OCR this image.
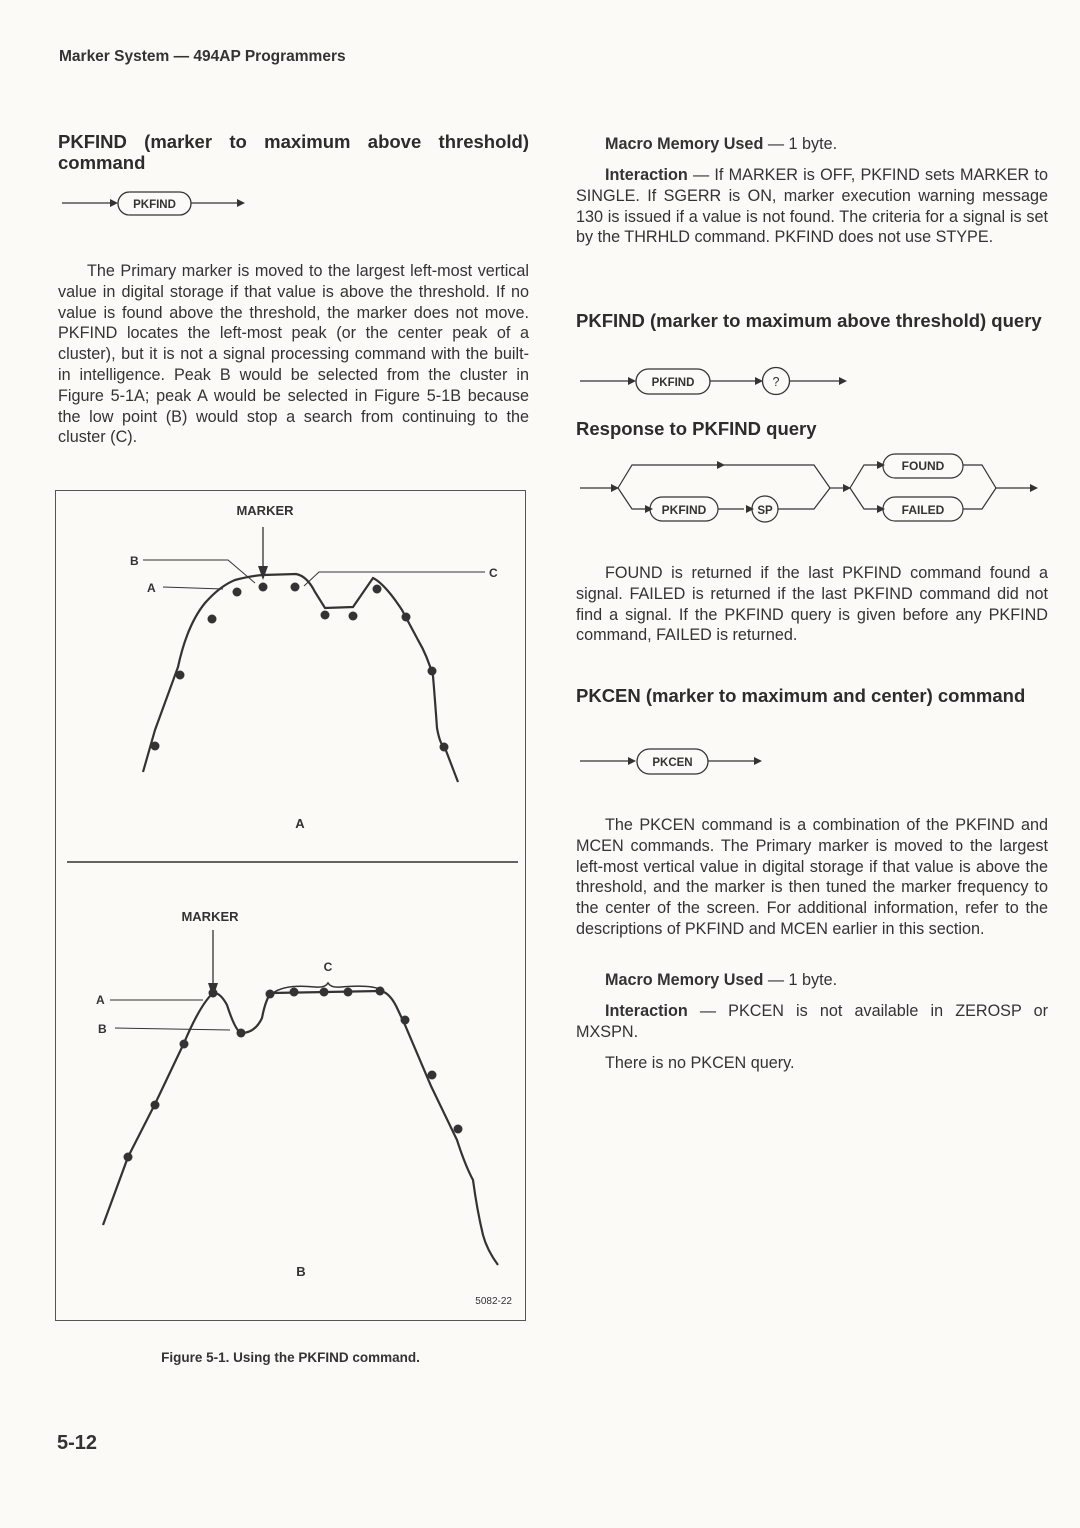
Marker System — 494AP Programmers
PKFIND (marker to maximum above threshold) command
PKFIND
The Primary marker is moved to the largest left-most vertical value in digital storage if that value is above the threshold. If no value is found above the threshold, the marker does not move. PKFIND locates the left-most peak (or the center peak of a cluster), but it is not a signal processing command with the built-in intelligence. Peak B would be selected from the cluster in Figure 5-1A; peak A would be selected in Figure 5-1B because the low point (B) would stop a search from continuing to the cluster (C).
MARKER
B
A
C
A
MARKER
C
A
B
B
5082-22
Figure 5-1. Using the PKFIND command.
5-12
Macro Memory Used — 1 byte.
Interaction — If MARKER is OFF, PKFIND sets MARKER to SINGLE. If SGERR is ON, marker execution warning message 130 is issued if a value is not found. The criteria for a signal is set by the THRHLD command. PKFIND does not use STYPE.
PKFIND (marker to maximum above threshold) query
PKFIND	?
Response to PKFIND query
PKFIND	SP
FOUND
FAILED
FOUND is returned if the last PKFIND command found a signal. FAILED is returned if the last PKFIND command did not find a signal. If the PKFIND query is given before any PKFIND command, FAILED is returned.
PKCEN (marker to maximum and center) command
PKCEN
The PKCEN command is a combination of the PKFIND and MCEN commands. The Primary marker is moved to the largest left-most vertical value in digital storage if that value is above the threshold, and the marker is then tuned the marker frequency to the center of the screen. For additional information, refer to the descriptions of PKFIND and MCEN earlier in this section.
Macro Memory Used — 1 byte.
Interaction — PKCEN is not available in ZEROSP or MXSPN.
There is no PKCEN query.
